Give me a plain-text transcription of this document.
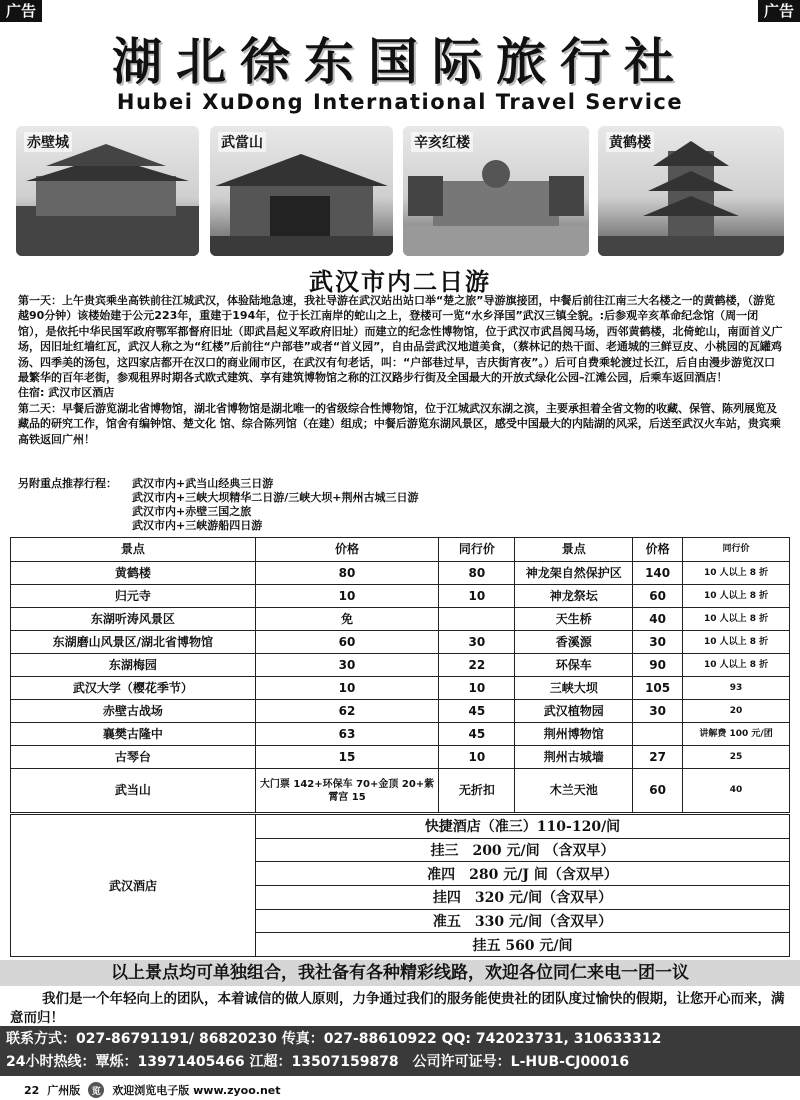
广告	广告
湖北徐东国际旅行社
Hubei XuDong International Travel Service
赤壁城	武當山	辛亥红楼	黄鹤楼
武汉市内二日游

第一天：上午贵宾乘坐高铁前往江城武汉，体验陆地急速，我社导游在武汉站出站口举“楚之旅”导游旗接团，中餐后前往江南三大名楼之一的黄鹤楼，（游览越90分钟）该楼始建于公元223年，重建于194年，位于长江南岸的蛇山之上，登楼可一览“水乡泽国”武汉三镇全貌。:后参观辛亥革命纪念馆（周一闭馆），是依托中华民国军政府鄂军都督府旧址（即武昌起义军政府旧址）而建立的纪念性博物馆，位于武汉市武昌阅马场，西邻黄鹤楼，北倚蛇山，南面首义广场，因旧址红墙红瓦，武汉人称之为“红楼”后前往“户部巷”或者“首义园”，自由品尝武汉地道美食，（蔡林记的热干面、老通城的三鲜豆皮、小桃园的瓦罐鸡汤、四季美的汤包，这四家店都开在汉口的商业闹市区，在武汉有句老话，叫：“户部巷过早，吉庆街宵夜”。）后可自费乘轮渡过长江，后自由漫步游览汉口最繁华的百年老街，参观租界时期各式欧式建筑、享有建筑博物馆之称的江汉路步行街及全国最大的开放式绿化公园–江滩公园，后乘车返回酒店！

住宿: 武汉市区酒店

第二天：早餐后游览湖北省博物馆，湖北省博物馆是湖北唯一的省级综合性博物馆，位于江城武汉东湖之滨，主要承担着全省文物的收藏、保管、陈列展览及藏品的研究工作，馆舍有编钟馆、楚文化 馆、综合陈列馆（在建）组成；中餐后游览东湖风景区，感受中国最大的内陆湖的风采，后送至武汉火车站，贵宾乘高铁返回广州！

另附重点推荐行程：	武汉市内+武当山经典三日游
武汉市内+三峡大坝精华二日游/三峡大坝+荆州古城三日游
武汉市内+赤壁三国之旅
武汉市内+三峡游船四日游
景点	价格	同行价	景点	价格	同行价
黄鹤楼	80	80	神龙架自然保护区	140	10 人以上 8 折
归元寺	10	10	神龙祭坛	60	10 人以上 8 折
东湖听涛风景区	免		天生桥	40	10 人以上 8 折
东湖磨山风景区/湖北省博物馆	60	30	香溪源	30	10 人以上 8 折
东湖梅园	30	22	环保车	90	10 人以上 8 折
武汉大学（樱花季节）	10	10	三峡大坝	105	93
赤壁古战场	62	45	武汉植物园	30	20
襄樊古隆中	63	45	荆州博物馆		讲解费 100 元/团
古琴台	15	10	荆州古城墙	27	25
武当山	大门票 142+环保车 70+金顶 20+紫霄宫 15	无折扣	木兰天池	60	40
武汉酒店
快捷酒店（准三）110-120/间
挂三　200 元/间 （含双早）
准四　280 元/J 间（含双早）
挂四　320 元/间（含双早）
准五　330 元/间（含双早）
挂五 560 元/间
以上景点均可单独组合，我社备有各种精彩线路，欢迎各位同仁来电一团一议
我们是一个年轻向上的团队，本着诚信的做人原则，力争通过我们的服务能使贵社的团队度过愉快的假期，让您开心而来，满意而归！
联系方式：027-86791191/ 86820230 传真：027-88610922 QQ: 742023731, 310633312
24小时热线：覃烁：13971405466 江超：13507159878　公司许可证号：L-HUB-CJ00016
22 广州版	览	欢迎浏览电子版 www.zyoo.net
